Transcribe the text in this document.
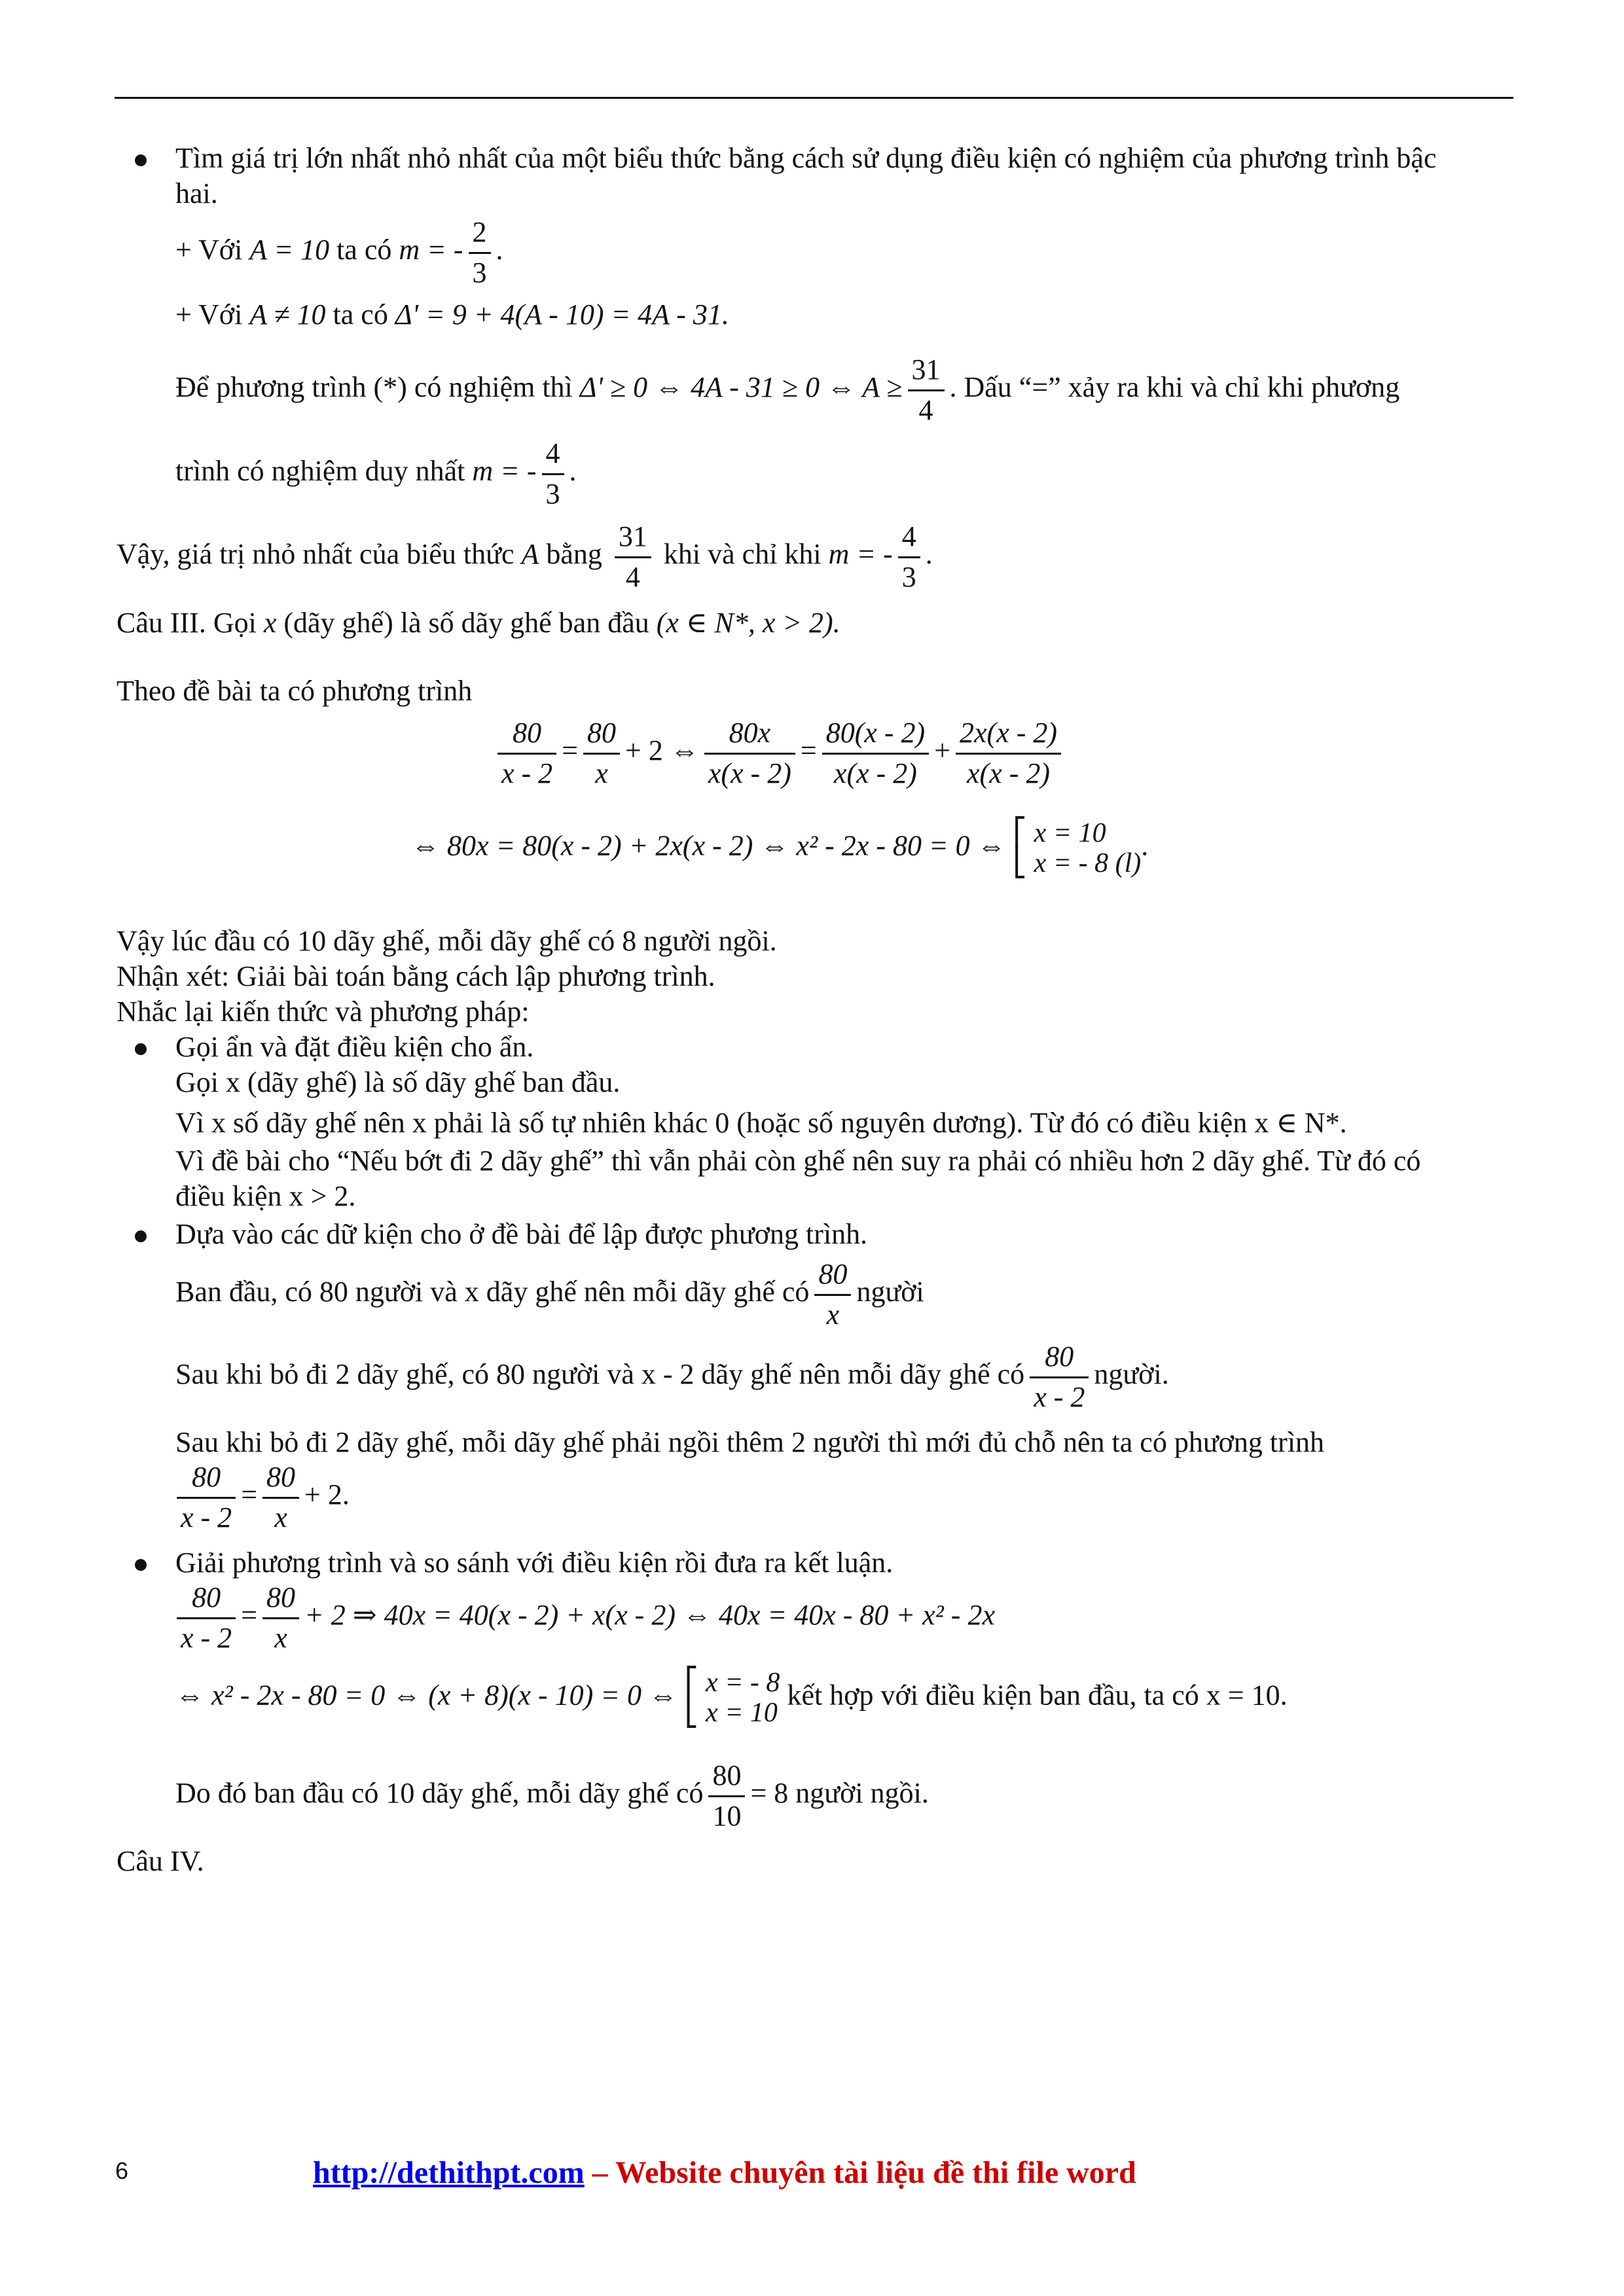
Tìm giá trị lớn nhất nhỏ nhất của một biểu thức bằng cách sử dụng điều kiện có nghiệm của phương trình bậc
hai.
+ Với A = 10 ta có m = - $\frac{2}{3}$ .
+ Với A ≠ 10 ta có Δ' = 9 + 4(A - 10) = 4A - 31.
Để phương trình (*) có nghiệm thì Δ' ≥ 0 ⇔ 4A - 31 ≥ 0 ⇔ $A \ge \frac{31}{4}$ . Dấu “=” xảy ra khi và chỉ khi phương
trình có nghiệm duy nhất m = - $\frac{4}{3}$ .
Vậy, giá trị nhỏ nhất của biểu thức A bằng $\frac{31}{4}$ khi và chỉ khi m = - $\frac{4}{3}$ .
Câu III. Gọi x (dãy ghế) là số dãy ghế ban đầu (x ∈ N*, x > 2).
Theo đề bài ta có phương trình
$\frac{80}{x - 2} = \frac{80}{x} + 2$ ⇔ $\frac{80x}{x(x - 2)} = \frac{80(x - 2)}{x(x - 2)} + \frac{2x(x - 2)}{x(x - 2)}$
⇔ 80x = 80(x - 2) + 2x(x - 2) ⇔ x² - 2x - 80 = 0 ⇔ ⎡
⎣ x = 10
x = - 8 (l).
Vậy lúc đầu có 10 dãy ghế, mỗi dãy ghế có 8 người ngồi.
Nhận xét: Giải bài toán bằng cách lập phương trình.
Nhắc lại kiến thức và phương pháp:
Gọi ẩn và đặt điều kiện cho ẩn.
Gọi x (dãy ghế) là số dãy ghế ban đầu.
Vì x số dãy ghế nên x phải là số tự nhiên khác 0 (hoặc số nguyên dương). Từ đó có điều kiện x ∈ N*.
Vì đề bài cho “Nếu bớt đi 2 dãy ghế” thì vẫn phải còn ghế nên suy ra phải có nhiều hơn 2 dãy ghế. Từ đó có
điều kiện x > 2.
Dựa vào các dữ kiện cho ở đề bài để lập được phương trình.
Ban đầu, có 80 người và x dãy ghế nên mỗi dãy ghế có $\frac{80}{x}$ người
Sau khi bỏ đi 2 dãy ghế, có 80 người và x - 2 dãy ghế nên mỗi dãy ghế có $\frac{80}{x - 2}$ người.
Sau khi bỏ đi 2 dãy ghế, mỗi dãy ghế phải ngồi thêm 2 người thì mới đủ chỗ nên ta có phương trình
$\frac{80}{x - 2} = \frac{80}{x} + 2$.
Giải phương trình và so sánh với điều kiện rồi đưa ra kết luận.
$\frac{80}{x - 2} = \frac{80}{x} + 2$ ⇒ 40x = 40(x - 2) + x(x - 2) ⇔ 40x = 40x - 80 + x² - 2x
⇔ x² - 2x - 80 = 0 ⇔ (x + 8)(x - 10) = 0 ⇔ ⎡
⎣ x = - 8
x = 10 kết hợp với điều kiện ban đầu, ta có x = 10.
Do đó ban đầu có 10 dãy ghế, mỗi dãy ghế có $\frac{80}{10} = 8$ người ngồi.
Câu IV.
6	http://dethithpt.com – Website chuyên tài liệu đề thi file word
